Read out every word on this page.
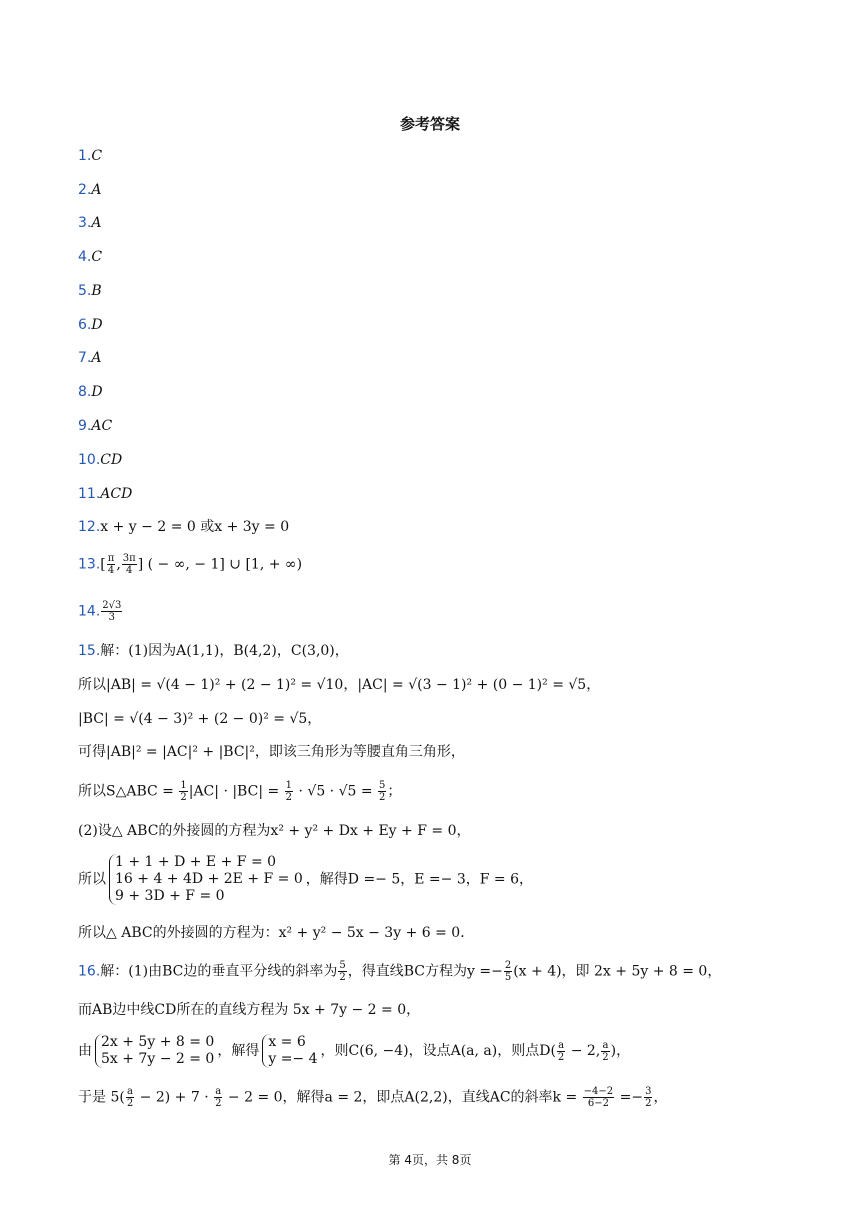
参考答案
1.C
2.A
3.A
4.C
5.B
6.D
7.A
8.D
9.AC
10.CD
11.ACD
12.x + y − 2 = 0 或x + 3y = 0
$13.[ \frac{\pi}{4}$ , $\frac{3\pi}{4}$ ] ( − ∞, − 1] ∪ [1, + ∞)
14. $\frac{2√3}{3}$
15.解：(1)因为A(1,1)，B(4,2)，C(3,0)，
所以|AB| = √(4 − 1)² + (2 − 1)² = √10，|AC| = √(3 − 1)² + (0 − 1)² = √5，
|BC| = √(4 − 3)² + (2 − 0)² = √5，
可得|AB|² = |AC|² + |BC|²，即该三角形为等腰直角三角形，
所以S△ABC = $\frac{1}{2} |AC| \cdot |BC| = \frac{1}{2} \cdot √5 \cdot √5 = \frac{5}{2}$ ；
(2)设△ ABC的外接圆的方程为x² + y² + Dx + Ey + F = 0，
所以
1 + 1 + D + E + F = 0
16 + 4 + 4D + 2E + F = 0
9 + 3D + F = 0
，解得D =− 5，E =− 3，F = 6，
所以△ ABC的外接圆的方程为：x² + y² − 5x − 3y + 6 = 0．
16.解：(1)由BC边的垂直平分线的斜率为 $\frac{5}{2}$ ，得直线BC方程为$y =- \frac{2}{5} (x + 4)$，即 2x + 5y + 8 = 0，
而AB边中线CD所在的直线方程为 5x + 7y − 2 = 0，
由
2x + 5y + 8 = 0
5x + 7y − 2 = 0 ，解得
x = 6
y =− 4 ，则C(6, −4)，设点A(a, a)，则点$D( \frac{a}{2} - 2$, $\frac{a}{2}$ )，
于是 $5( \frac{a}{2} - 2) + 7 \cdot \frac{a}{2} - 2 = 0$，解得a = 2，即点A(2,2)，直线AC的斜率$k = \frac{-4-2}{6-2} =- \frac{3}{2}$ ，
第 4页，共 8页
